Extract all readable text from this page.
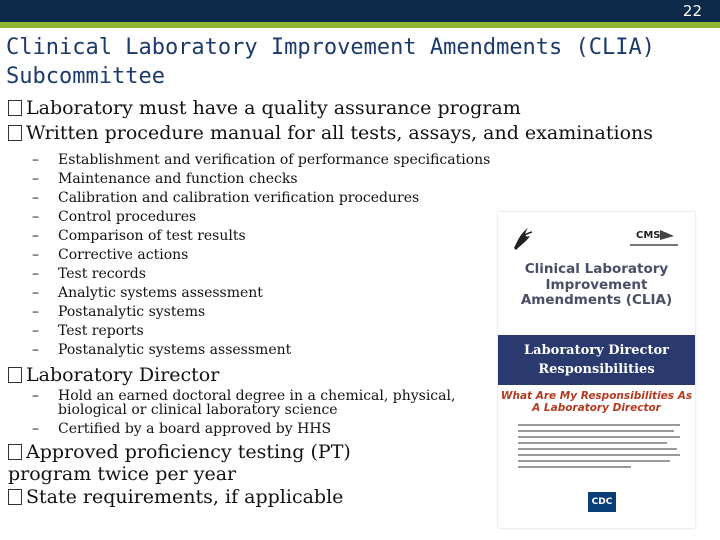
22
Clinical Laboratory Improvement Amendments (CLIA) Subcommittee

Laboratory must have a quality assurance program

Written procedure manual for all tests, assays, and examinations

– Establishment and verification of performance specifications
– Maintenance and function checks
– Calibration and calibration verification procedures
– Control procedures
– Comparison of test results
– Corrective actions
– Test records
– Analytic systems assessment
– Postanalytic systems
– Test reports
– Postanalytic systems assessment

Laboratory Director

– Hold an earned doctoral degree in a chemical, physical, biological or clinical laboratory science
– Certified by a board approved by HHS

Approved proficiency testing (PT) program twice per year

State requirements, if applicable

CMS
Clinical Laboratory Improvement Amendments (CLIA)
Laboratory Director Responsibilities
What Are My Responsibilities As A Laboratory Director
CDC
